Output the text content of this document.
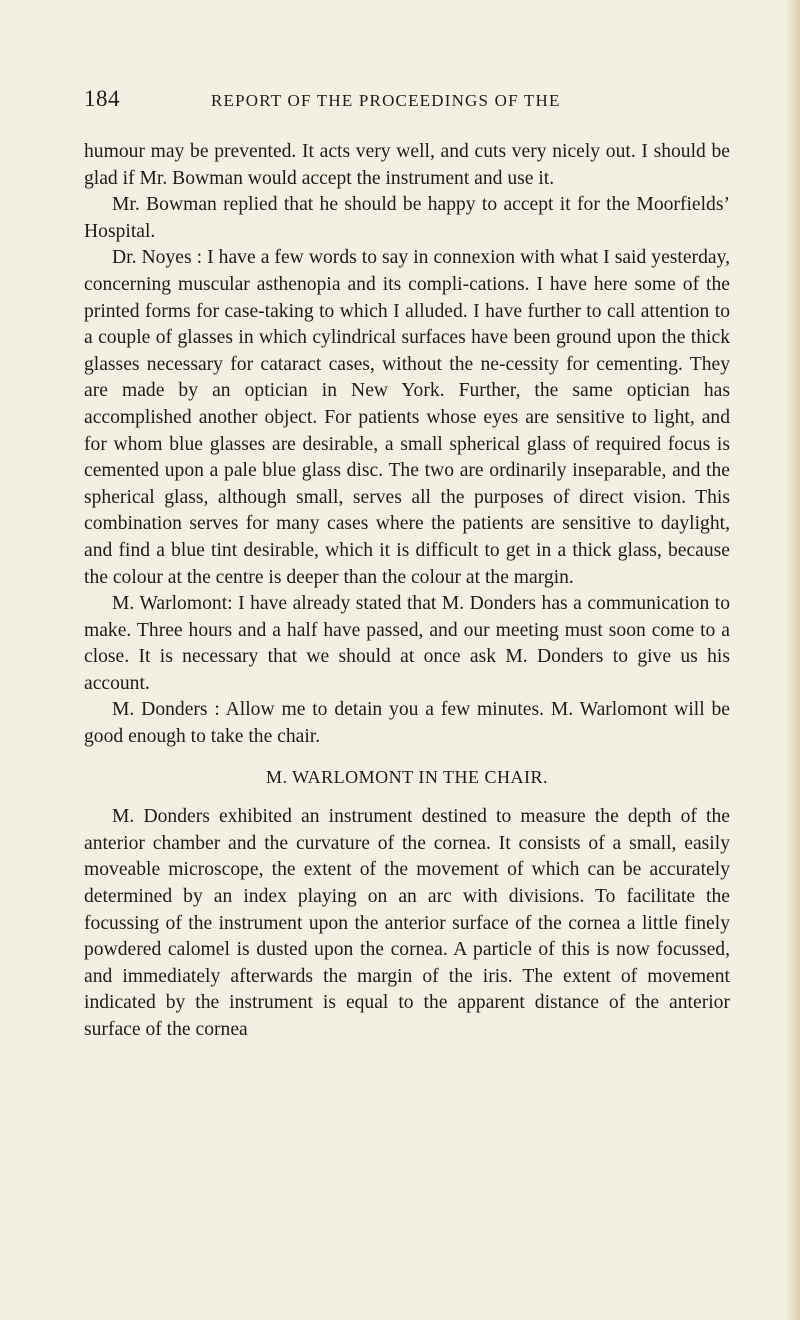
184	REPORT OF THE PROCEEDINGS OF THE

humour may be prevented. It acts very well, and cuts very nicely out. I should be glad if Mr. Bowman would accept the instrument and use it.

Mr. Bowman replied that he should be happy to accept it for the Moorfields’ Hospital.

Dr. Noyes : I have a few words to say in connexion with what I said yesterday, concerning muscular asthenopia and its compli-cations. I have here some of the printed forms for case-taking to which I alluded. I have further to call attention to a couple of glasses in which cylindrical surfaces have been ground upon the thick glasses necessary for cataract cases, without the ne-cessity for cementing. They are made by an optician in New York. Further, the same optician has accomplished another object. For patients whose eyes are sensitive to light, and for whom blue glasses are desirable, a small spherical glass of required focus is cemented upon a pale blue glass disc. The two are ordinarily inseparable, and the spherical glass, although small, serves all the purposes of direct vision. This combination serves for many cases where the patients are sensitive to daylight, and find a blue tint desirable, which it is difficult to get in a thick glass, because the colour at the centre is deeper than the colour at the margin.

M. Warlomont: I have already stated that M. Donders has a communication to make. Three hours and a half have passed, and our meeting must soon come to a close. It is necessary that we should at once ask M. Donders to give us his account.

M. Donders : Allow me to detain you a few minutes. M. Warlomont will be good enough to take the chair.

M. WARLOMONT IN THE CHAIR.

M. Donders exhibited an instrument destined to measure the depth of the anterior chamber and the curvature of the cornea. It consists of a small, easily moveable microscope, the extent of the movement of which can be accurately determined by an index playing on an arc with divisions. To facilitate the focussing of the instrument upon the anterior surface of the cornea a little finely powdered calomel is dusted upon the cornea. A particle of this is now focussed, and immediately afterwards the margin of the iris. The extent of movement indicated by the instrument is equal to the apparent distance of the anterior surface of the cornea
